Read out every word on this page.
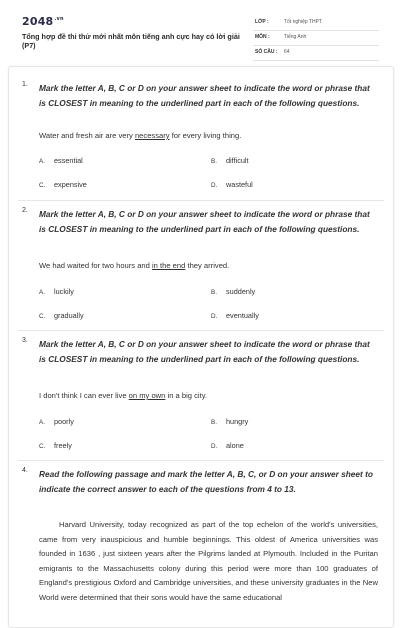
$2048^{.vn}$
Tổng hợp đề thi thử mới nhất môn tiếng anh cực hay có lời giải (P7)
LỚP :	Tốt nghiệp THPT
MÔN :	Tiếng Anh
SỐ CÂU : 64
1. Mark the letter A, B, C or D on your answer sheet to indicate the word or phrase that is CLOSEST in meaning to the underlined part in each of the following questions.
Water and fresh air are very necessary for every living thing.
A. essential	B. difficult
C. expensive	D. wasteful
2. Mark the letter A, B, C or D on your answer sheet to indicate the word or phrase that is CLOSEST in meaning to the underlined part in each of the following questions.
We had waited for two hours and in the end they arrived.
A. luckily	B. suddenly
C. gradually	D. eventually
3. Mark the letter A, B, C or D on your answer sheet to indicate the word or phrase that is CLOSEST in meaning to the underlined part in each of the following questions.
I don't think I can ever live on my own in a big city.
A. poorly	B. hungry
C. freely	D. alone
4. Read the following passage and mark the letter A, B, C, or D on your answer sheet to indicate the correct answer to each of the questions from 4 to 13.

Harvard University, today recognized as part of the top echelon of the world's universities, came from very inauspicious and humble beginnings. This oldest of America universities was founded in 1636 , just sixteen years after the Pilgrims landed at Plymouth. Included in the Puritan emigrants to the Massachusetts colony during this period were more than 100 graduates of England's prestigious Oxford and Cambridge universities, and these university graduates in the New World were determined that their sons would have the same educational
